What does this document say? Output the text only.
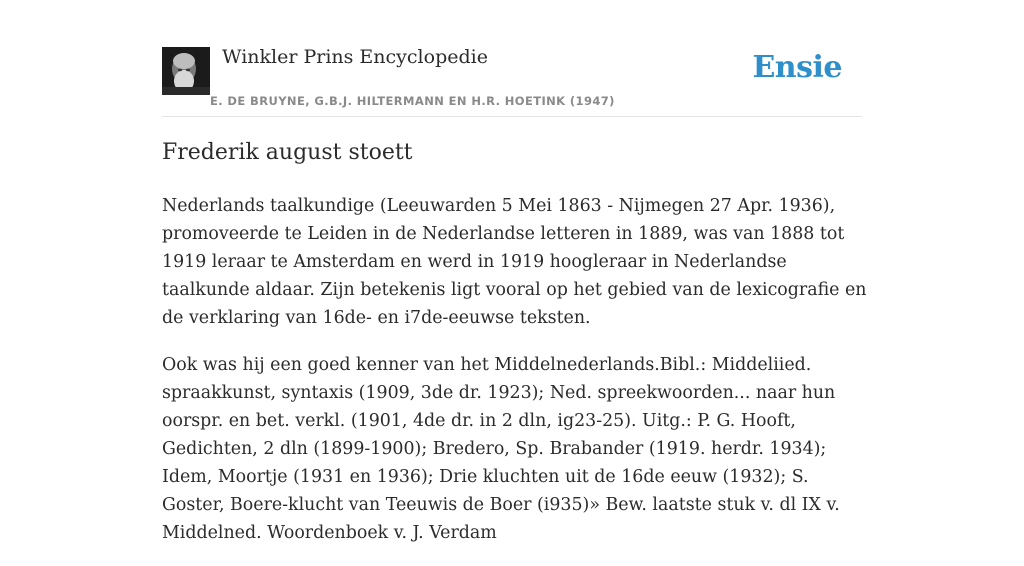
Winkler Prins Encyclopedie
E. DE BRUYNE, G.B.J. HILTERMANN EN H.R. HOETINK (1947)
Ensie
Frederik august stoett

Nederlands taalkundige (Leeuwarden 5 Mei 1863 - Nijmegen 27 Apr. 1936), promoveerde te Leiden in de Nederlandse letteren in 1889, was van 1888 tot 1919 leraar te Amsterdam en werd in 1919 hoogleraar in Nederlandse taalkunde aldaar. Zijn betekenis ligt vooral op het gebied van de lexicografie en de verklaring van 16de- en i7de-eeuwse teksten.

Ook was hij een goed kenner van het Middelnederlands.Bibl.: Middeliied. spraakkunst, syntaxis (1909, 3de dr. 1923); Ned. spreekwoorden... naar hun oorspr. en bet. verkl. (1901, 4de dr. in 2 dln, ig23-25). Uitg.: P. G. Hooft, Gedichten, 2 dln (1899-1900); Bredero, Sp. Brabander (1919. herdr. 1934); Idem, Moortje (1931 en 1936); Drie kluchten uit de 16de eeuw (1932); S. Goster, Boere-klucht van Teeuwis de Boer (i935)» Bew. laatste stuk v. dl IX v. Middelned. Woordenboek v. J. Verdam
